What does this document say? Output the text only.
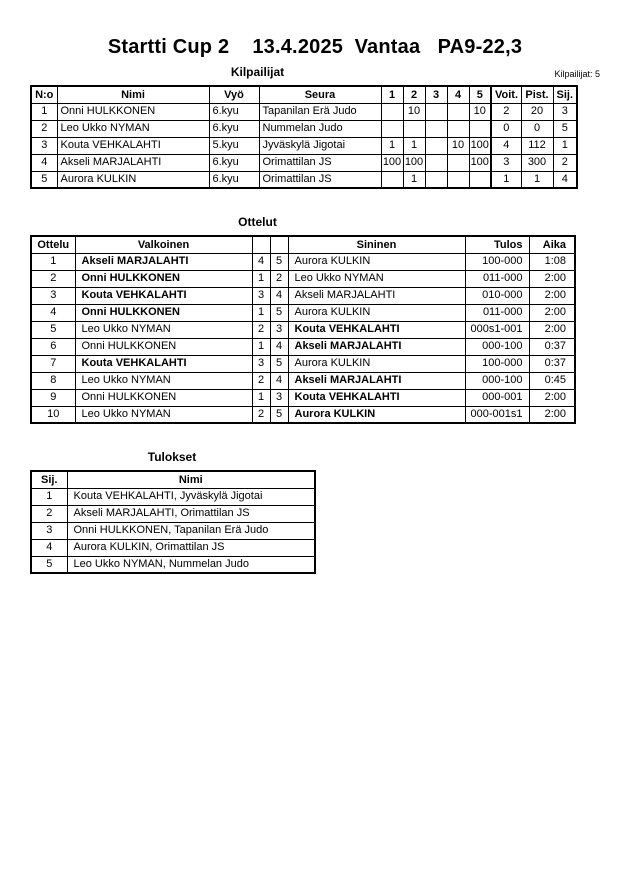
Startti Cup 2    13.4.2025  Vantaa   PA9-22,3
Kilpailijat: 5
Kilpailijat
N:o	Nimi	Vyö	Seura	1	2	3	4	5	Voit.	Pist.	Sij.
1	Onni HULKKONEN	6.kyu	Tapanilan Erä Judo		10			10	2	20	3
2	Leo Ukko NYMAN	6.kyu	Nummelan Judo						0	0	5
3	Kouta VEHKALAHTI	5.kyu	Jyväskylä Jigotai	1	1		10	100	4	112	1
4	Akseli MARJALAHTI	6.kyu	Orimattilan JS	100	100			100	3	300	2
5	Aurora KULKIN	6.kyu	Orimattilan JS		1				1	1	4
Ottelut
Ottelu	Valkoinen			Sininen	Tulos	Aika
1	Akseli MARJALAHTI	4	5	Aurora KULKIN	100-000	1:08
2	Onni HULKKONEN	1	2	Leo Ukko NYMAN	011-000	2:00
3	Kouta VEHKALAHTI	3	4	Akseli MARJALAHTI	010-000	2:00
4	Onni HULKKONEN	1	5	Aurora KULKIN	011-000	2:00
5	Leo Ukko NYMAN	2	3	Kouta VEHKALAHTI	000s1-001	2:00
6	Onni HULKKONEN	1	4	Akseli MARJALAHTI	000-100	0:37
7	Kouta VEHKALAHTI	3	5	Aurora KULKIN	100-000	0:37
8	Leo Ukko NYMAN	2	4	Akseli MARJALAHTI	000-100	0:45
9	Onni HULKKONEN	1	3	Kouta VEHKALAHTI	000-001	2:00
10	Leo Ukko NYMAN	2	5	Aurora KULKIN	000-001s1	2:00
Tulokset
Sij.	Nimi
1	Kouta VEHKALAHTI, Jyväskylä Jigotai
2	Akseli MARJALAHTI, Orimattilan JS
3	Onni HULKKONEN, Tapanilan Erä Judo
4	Aurora KULKIN, Orimattilan JS
5	Leo Ukko NYMAN, Nummelan Judo
